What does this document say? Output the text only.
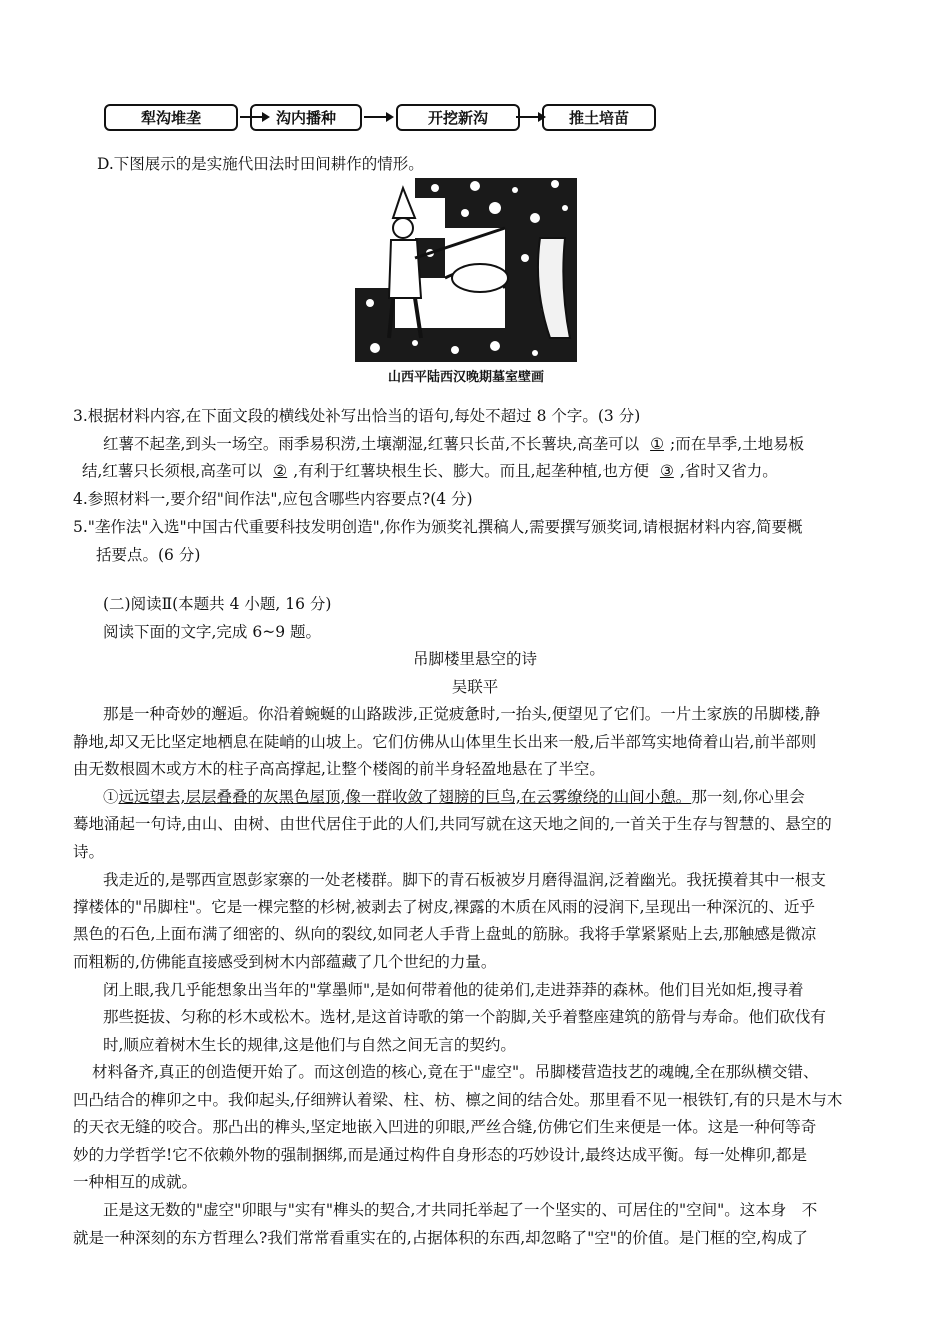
犁沟堆垄	沟内播种	开挖新沟	推土培苗
D.下图展示的是实施代田法时田间耕作的情形。
山西平陆西汉晚期墓室壁画
3.根据材料内容,在下面文段的横线处补写出恰当的语句,每处不超过 8 个字。(3 分)
红薯不起垄,到头一场空。雨季易积涝,土壤潮湿,红薯只长苗,不长薯块,高垄可以 ① ;而在旱季,土地易板
结,红薯只长须根,高垄可以 ② ,有利于红薯块根生长、膨大。而且,起垄种植,也方便 ③ ,省时又省力。
4.参照材料一,要介绍"间作法",应包含哪些内容要点?(4 分)
5."垄作法"入选"中国古代重要科技发明创造",你作为颁奖礼撰稿人,需要撰写颁奖词,请根据材料内容,简要概
括要点。(6 分)
(二)阅读Ⅱ(本题共 4 小题, 16 分)
阅读下面的文字,完成 6~9 题。
吊脚楼里悬空的诗
吴联平
那是一种奇妙的邂逅。你沿着蜿蜒的山路跋涉,正觉疲惫时,一抬头,便望见了它们。一片土家族的吊脚楼,静
静地,却又无比坚定地栖息在陡峭的山坡上。它们仿佛从山体里生长出来一般,后半部笃实地倚着山岩,前半部则
由无数根圆木或方木的柱子高高撑起,让整个楼阁的前半身轻盈地悬在了半空。
①远远望去,层层叠叠的灰黑色屋顶,像一群收敛了翅膀的巨鸟,在云雾缭绕的山间小憩。那一刻,你心里会
蓦地涌起一句诗,由山、由树、由世代居住于此的人们,共同写就在这天地之间的,一首关于生存与智慧的、悬空的
诗。
我走近的,是鄂西宣恩彭家寨的一处老楼群。脚下的青石板被岁月磨得温润,泛着幽光。我抚摸着其中一根支
撑楼体的"吊脚柱"。它是一棵完整的杉树,被剥去了树皮,裸露的木质在风雨的浸润下,呈现出一种深沉的、近乎
黑色的石色,上面布满了细密的、纵向的裂纹,如同老人手背上盘虬的筋脉。我将手掌紧紧贴上去,那触感是微凉
而粗粝的,仿佛能直接感受到树木内部蕴藏了几个世纪的力量。
闭上眼,我几乎能想象出当年的"掌墨师",是如何带着他的徒弟们,走进莽莽的森林。他们目光如炬,搜寻着
那些挺拔、匀称的杉木或松木。选材,是这首诗歌的第一个韵脚,关乎着整座建筑的筋骨与寿命。他们砍伐有
时,顺应着树木生长的规律,这是他们与自然之间无言的契约。
材料备齐,真正的创造便开始了。而这创造的核心,竟在于"虚空"。吊脚楼营造技艺的魂魄,全在那纵横交错、
凹凸结合的榫卯之中。我仰起头,仔细辨认着梁、柱、枋、檩之间的结合处。那里看不见一根铁钉,有的只是木与木
的天衣无缝的咬合。那凸出的榫头,坚定地嵌入凹进的卯眼,严丝合缝,仿佛它们生来便是一体。这是一种何等奇
妙的力学哲学!它不依赖外物的强制捆绑,而是通过构件自身形态的巧妙设计,最终达成平衡。每一处榫卯,都是
一种相互的成就。
正是这无数的"虚空"卯眼与"实有"榫头的契合,才共同托举起了一个坚实的、可居住的"空间"。这本身　不
就是一种深刻的东方哲理么?我们常常看重实在的,占据体积的东西,却忽略了"空"的价值。是门框的空,构成了
